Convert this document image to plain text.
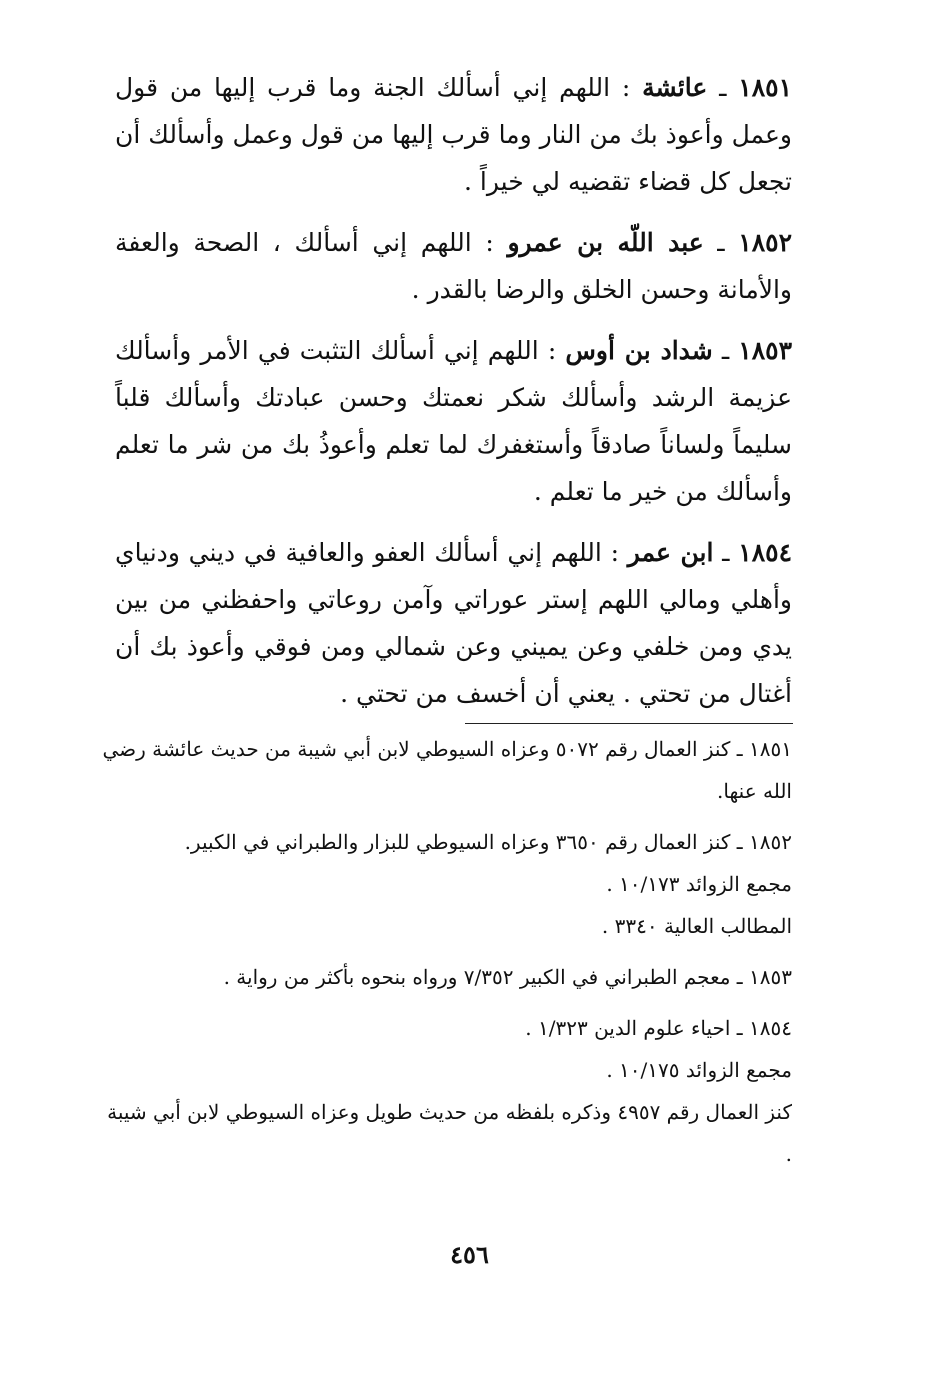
١٨٥١ ـ عائشة : اللهم إني أسألك الجنة وما قرب إليها من قول وعمل وأعوذ بك من النار وما قرب إليها من قول وعمل وأسألك أن تجعل كل قضاء تقضيه لي خيراً .

١٨٥٢ ـ عبد اللّه بن عمرو : اللهم إني أسألك ، الصحة والعفة والأمانة وحسن الخلق والرضا بالقدر .

١٨٥٣ ـ شداد بن أوس : اللهم إني أسألك التثبت في الأمر وأسألك عزيمة الرشد وأسألك شكر نعمتك وحسن عبادتك وأسألك قلباً سليماً ولساناً صادقاً وأستغفرك لما تعلم وأعوذُ بك من شر ما تعلم وأسألك من خير ما تعلم .

١٨٥٤ ـ ابن عمر : اللهم إني أسألك العفو والعافية في ديني ودنياي وأهلي ومالي اللهم إستر عوراتي وآمن روعاتي واحفظني من بين يدي ومن خلفي وعن يميني وعن شمالي ومن فوقي وأعوذ بك أن أغتال من تحتي . يعني أن أخسف من تحتي .

١٨٥١ ـ كنز العمال رقم ٥٠٧٢ وعزاه السيوطي لابن أبي شيبة من حديث عائشة رضي الله عنها.
١٨٥٢ ـ كنز العمال رقم ٣٦٥٠ وعزاه السيوطي للبزار والطبراني في الكبير.
مجمع الزوائد ١٠/١٧٣ .
المطالب العالية ٣٣٤٠ .
١٨٥٣ ـ معجم الطبراني في الكبير ٧/٣٥٢ ورواه بنحوه بأكثر من رواية .
١٨٥٤ ـ احياء علوم الدين ١/٣٢٣ .
مجمع الزوائد ١٠/١٧٥ .
كنز العمال رقم ٤٩٥٧ وذكره بلفظه من حديث طويل وعزاه السيوطي لابن أبي شيبة .
٤٥٦
